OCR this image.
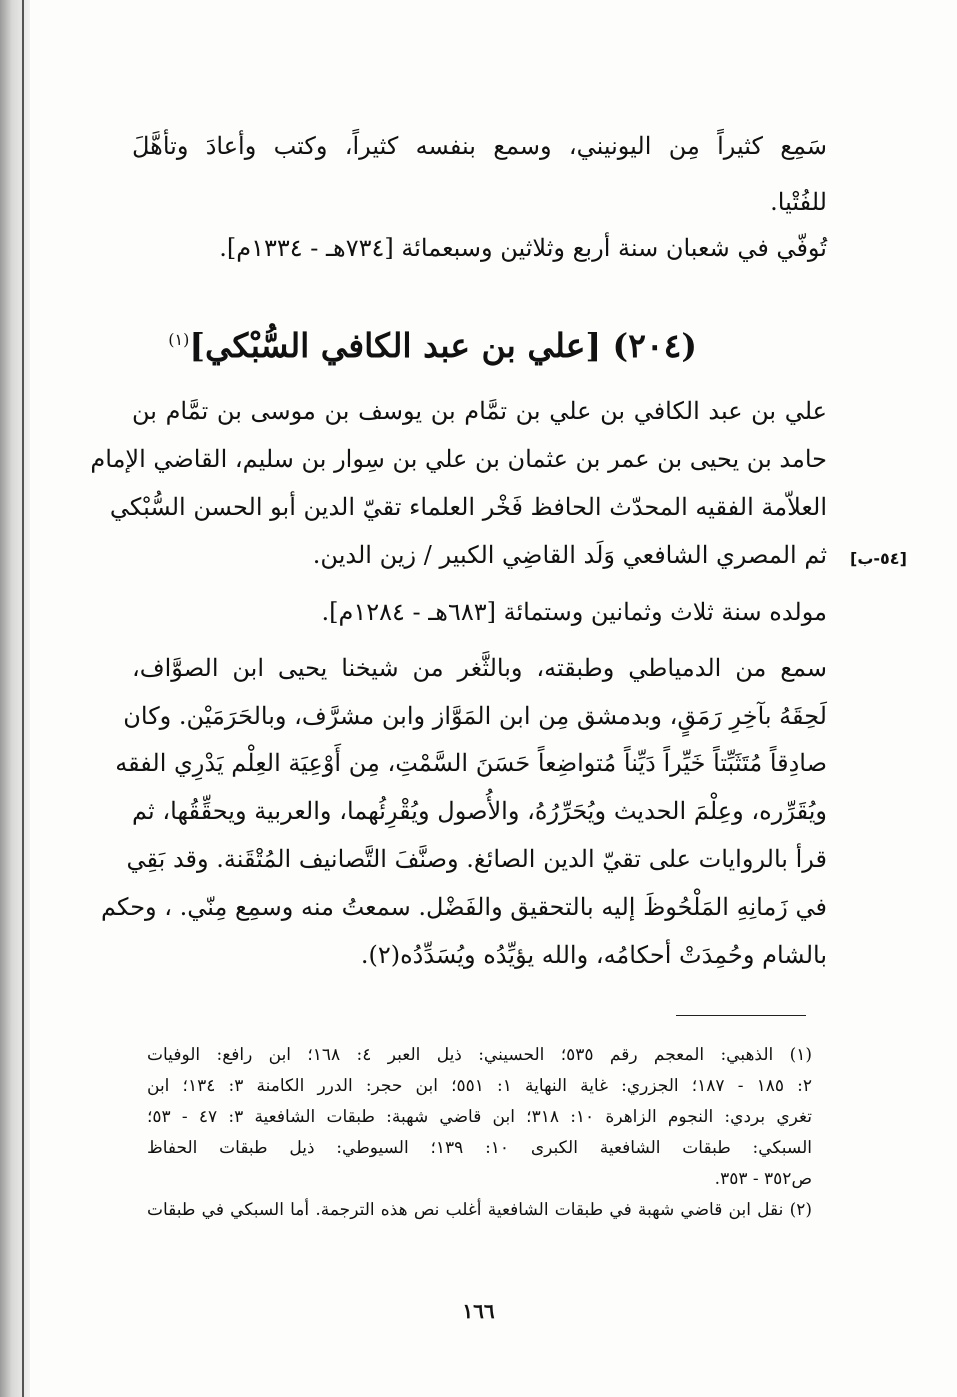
سَمِع كثيراً مِن اليونيني، وسمع بنفسه كثيراً، وكتب وأعادَ وتأهَّلَ
للفُتْيا.
تُوفّي في شعبان سنة أربع وثلاثين وسبعمائة [٧٣٤هـ - ١٣٣٤م].
(٢٠٤) [علي بن عبد الكافي السُّبْكي]$^{(١)}$
علي بن عبد الكافي بن علي بن تمَّام بن يوسف بن موسى بن تمَّام بن
حامد بن يحيى بن عمر بن عثمان بن علي بن سِوار بن سليم، القاضي الإمام
العلاّمة الفقيه المحدّث الحافظ فَخْر العلماء تقيّ الدين أبو الحسن السُّبْكي
ثم المصري الشافعي وَلَد القاضِي الكبير / زين الدين. [٥٤-ب]
مولده سنة ثلاث وثمانين وستمائة [٦٨٣هـ - ١٢٨٤م].
سمع من الدمياطي وطبقته، وبالثَّغر من شيخنا يحيى ابن الصوَّاف،
لَحِقَهُ بآخِرِ رَمَقٍ، وبدمشق مِن ابن المَوَّاز وابن مشرَّف، وبالحَرَمَيْن. وكان
صادِقاً مُتَثَبِّتاً خَيِّراً دَيِّناً مُتواضِعاً حَسَنَ السَّمْتِ، مِن أَوْعِيَة العِلْم يَدْرِي الفقه
ويُقَرِّره، وعِلْمَ الحديث ويُحَرِّرُهُ، والأُصول ويُقْرِئُهما، والعربية ويحقِّقُها، ثم
قرأ بالروايات على تقيّ الدين الصائغ. وصنَّفَ التَّصانيف المُتْقَنة. وقد بَقِي
في زَمانِهِ المَلْحُوظَ إليه بالتحقيق والفَضْل. سمعتُ منه وسمِع مِنّي. ، وحكم
بالشام وحُمِدَتْ أحكامُه، والله يؤيِّدُه ويُسَدِّدُه(٢).
(١) الذهبي: المعجم رقم ٥٣٥؛ الحسيني: ذيل العبر ٤: ١٦٨؛ ابن رافع: الوفيات
٢: ١٨٥ - ١٨٧؛ الجزري: غاية النهاية ١: ٥٥١؛ ابن حجر: الدرر الكامنة ٣: ١٣٤؛ ابن
تغري بردي: النجوم الزاهرة ١٠: ٣١٨؛ ابن قاضي شهبة: طبقات الشافعية ٣: ٤٧ - ٥٣؛
السبكي: طبقات الشافعية الكبرى ١٠: ١٣٩؛ السيوطي: ذيل طبقات الحفاظ
ص٣٥٢ - ٣٥٣.
(٢) نقل ابن قاضي شهبة في طبقات الشافعية أغلب نص هذه الترجمة. أما السبكي في طبقات
١٦٦
